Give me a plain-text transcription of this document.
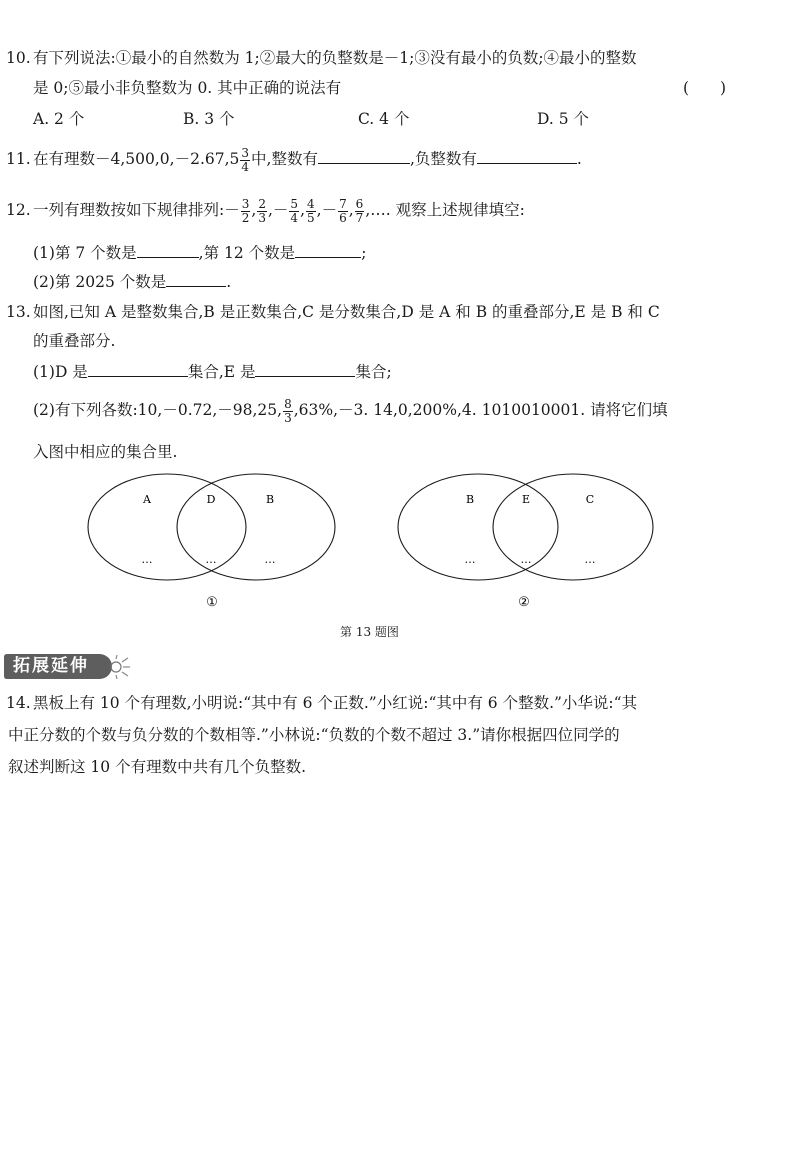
10. 有下列说法:①最小的自然数为 1;②最大的负整数是－1;③没有最小的负数;④最小的整数
是 0;⑤最小非负整数为 0. 其中正确的说法有	(　　)
A. 2 个	B. 3 个	C. 4 个	D. 5 个
11. 在有理数$-4,500,0,-2.67,5 \frac{3}{4}$ 中,整数有	,负整数有	.
12. 一列有理数按如下规律排列:－ $\frac{3}{2}$ , $\frac{2}{3}$ ,－ $\frac{5}{4}$ , $\frac{4}{5}$ ,－ $\frac{7}{6}$ , $\frac{6}{7}$ ,…. 观察上述规律填空:
(1)第 7 个数是	,第 12 个数是	;
(2)第 2025 个数是	.
13. 如图,已知 A 是整数集合,B 是正数集合,C 是分数集合,D 是 A 和 B 的重叠部分,E 是 B 和 C
的重叠部分.
(1)D 是	集合,E 是	集合;
(2)有下列各数:10,－0.72,－98,25, $\frac{8}{3} ,63\%,-3$. 14,0,200%,4. 1010010001. 请将它们填
入图中相应的集合里.
A	D	B
…	…	…
①
B	E	C
…	…	…
②
第 13 题图
拓展延伸
14. 黑板上有 10 个有理数,小明说:“其中有 6 个正数.”小红说:“其中有 6 个整数.”小华说:“其
中正分数的个数与负分数的个数相等.”小林说:“负数的个数不超过 3.”请你根据四位同学的
叙述判断这 10 个有理数中共有几个负整数.
